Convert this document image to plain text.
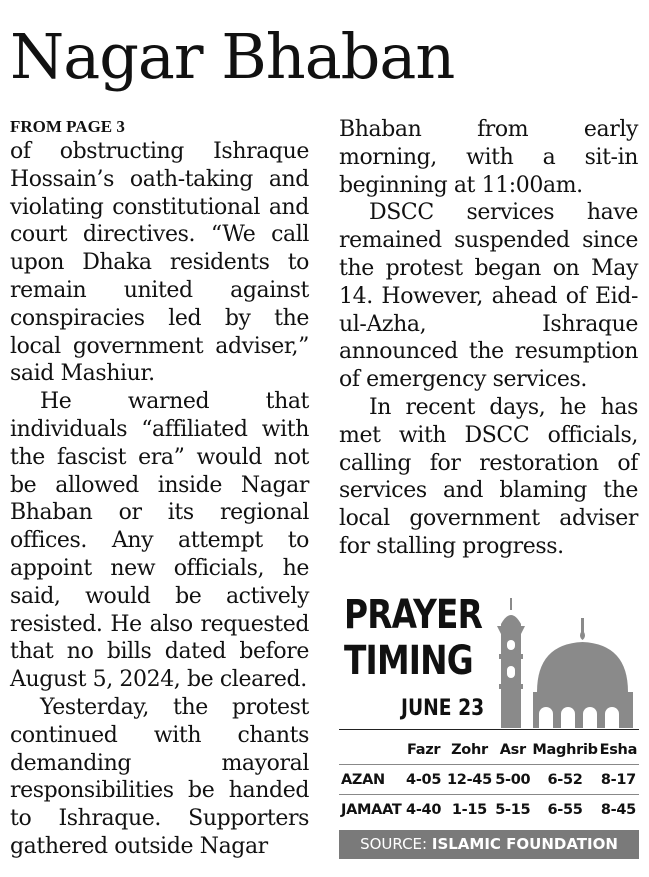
Nagar Bhaban
FROM PAGE 3

of obstructing Ishraque Hossain’s oath-taking and violating constitutional and court directives. “We call upon Dhaka residents to remain united against conspiracies led by the local government adviser,” said Mashiur.

He warned that individuals “affiliated with the fascist era” would not be allowed inside Nagar Bhaban or its regional offices. Any attempt to appoint new officials, he said, would be actively resisted. He also requested that no bills dated before August 5, 2024, be cleared.

Yesterday, the protest continued with chants demanding mayoral responsibilities be handed to Ishraque. Supporters gathered outside Nagar

Bhaban from early morning, with a sit-in beginning at 11:00am.

DSCC services have remained suspended since the protest began on May 14. However, ahead of Eid-ul-Azha, Ishraque announced the resumption of emergency services.

In recent days, he has met with DSCC officials, calling for restoration of services and blaming the local government adviser for stalling progress.

PRAYER
TIMING
JUNE 23
	Fazr	Zohr	Asr	Maghrib	Esha
AZAN	4-05	12-45	5-00	6-52	8-17
JAMAAT	4-40	1-15	5-15	6-55	8-45
SOURCE: ISLAMIC FOUNDATION
